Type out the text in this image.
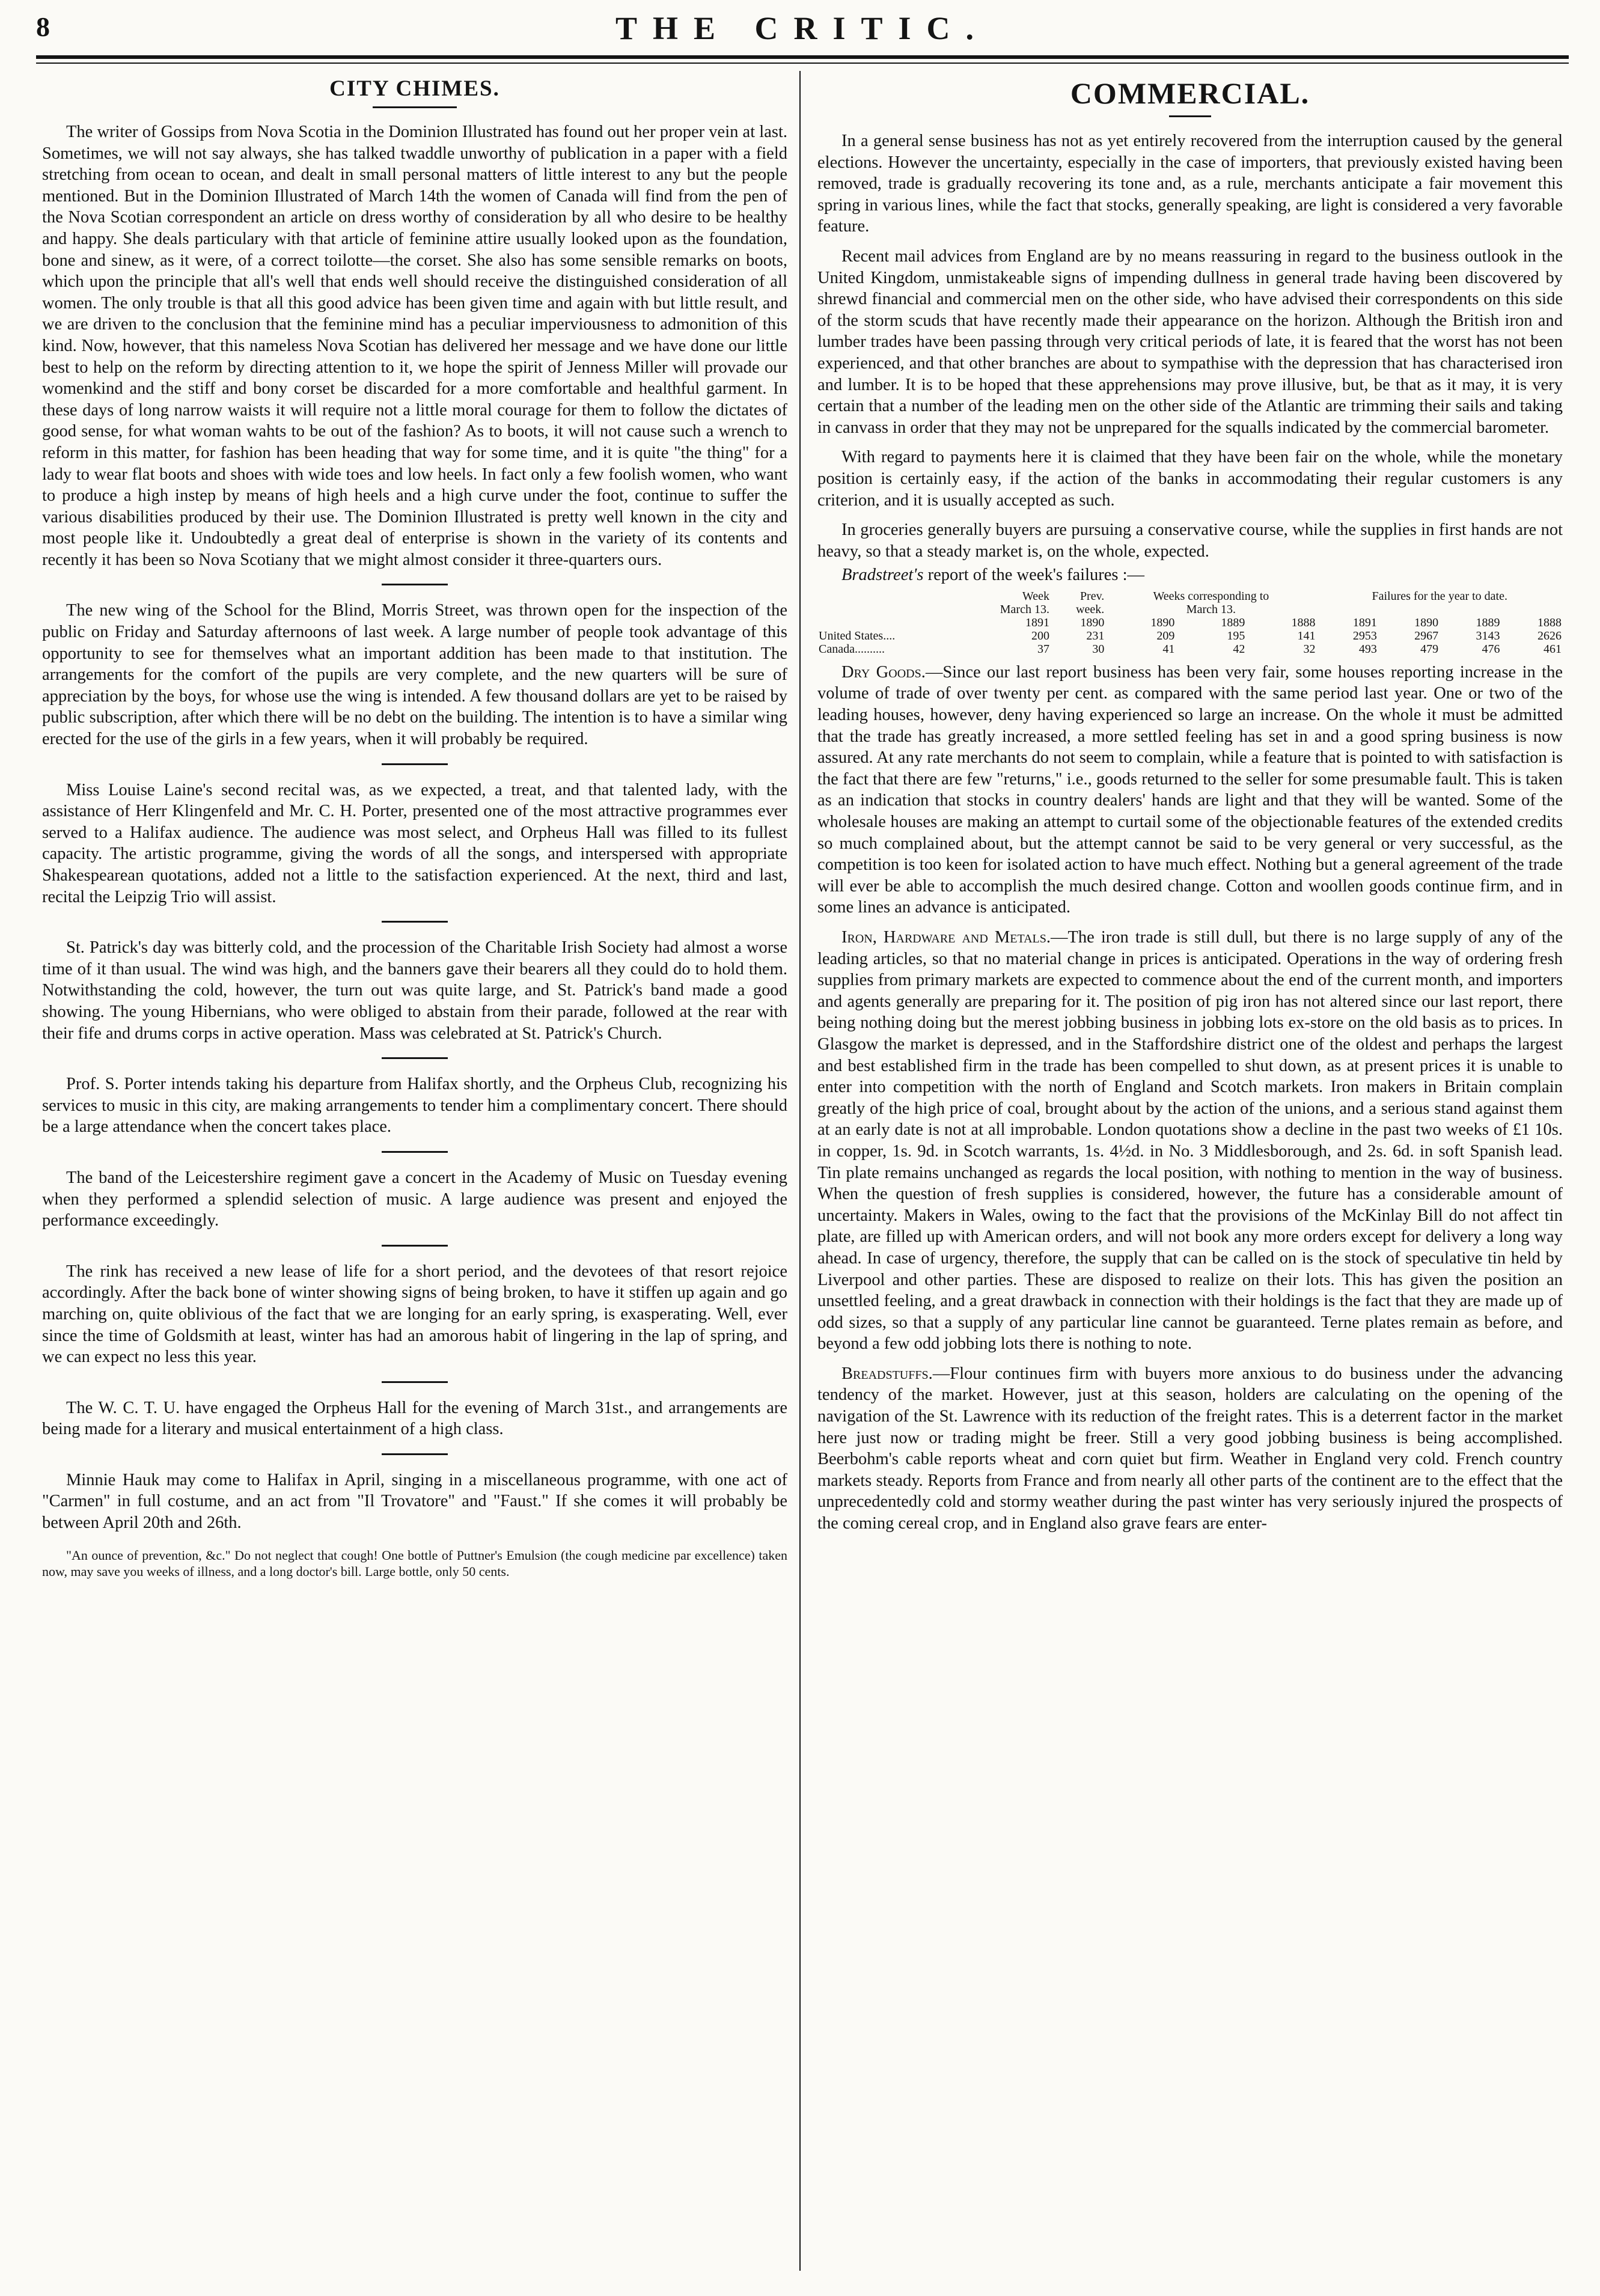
8	THE CRITIC.
CITY CHIMES.

The writer of Gossips from Nova Scotia in the Dominion Illustrated has found out her proper vein at last. Sometimes, we will not say always, she has talked twaddle unworthy of publication in a paper with a field stretching from ocean to ocean, and dealt in small personal matters of little interest to any but the people mentioned. But in the Dominion Illustrated of March 14th the women of Canada will find from the pen of the Nova Scotian correspondent an article on dress worthy of consideration by all who desire to be healthy and happy. She deals particulary with that article of feminine attire usually looked upon as the foundation, bone and sinew, as it were, of a correct toilotte—the corset. She also has some sensible remarks on boots, which upon the principle that all's well that ends well should receive the distinguished consideration of all women. The only trouble is that all this good advice has been given time and again with but little result, and we are driven to the conclusion that the feminine mind has a peculiar imperviousness to admonition of this kind. Now, however, that this nameless Nova Scotian has delivered her message and we have done our little best to help on the reform by directing attention to it, we hope the spirit of Jenness Miller will provade our womenkind and the stiff and bony corset be discarded for a more comfortable and healthful garment. In these days of long narrow waists it will require not a little moral courage for them to follow the dictates of good sense, for what woman wahts to be out of the fashion? As to boots, it will not cause such a wrench to reform in this matter, for fashion has been heading that way for some time, and it is quite "the thing" for a lady to wear flat boots and shoes with wide toes and low heels. In fact only a few foolish women, who want to produce a high instep by means of high heels and a high curve under the foot, continue to suffer the various disabilities produced by their use. The Dominion Illustrated is pretty well known in the city and most people like it. Undoubtedly a great deal of enterprise is shown in the variety of its contents and recently it has been so Nova Scotiany that we might almost consider it three-quarters ours.

The new wing of the School for the Blind, Morris Street, was thrown open for the inspection of the public on Friday and Saturday afternoons of last week. A large number of people took advantage of this opportunity to see for themselves what an important addition has been made to that institution. The arrangements for the comfort of the pupils are very complete, and the new quarters will be sure of appreciation by the boys, for whose use the wing is intended. A few thousand dollars are yet to be raised by public subscription, after which there will be no debt on the building. The intention is to have a similar wing erected for the use of the girls in a few years, when it will probably be required.

Miss Louise Laine's second recital was, as we expected, a treat, and that talented lady, with the assistance of Herr Klingenfeld and Mr. C. H. Porter, presented one of the most attractive programmes ever served to a Halifax audience. The audience was most select, and Orpheus Hall was filled to its fullest capacity. The artistic programme, giving the words of all the songs, and interspersed with appropriate Shakespearean quotations, added not a little to the satisfaction experienced. At the next, third and last, recital the Leipzig Trio will assist.

St. Patrick's day was bitterly cold, and the procession of the Charitable Irish Society had almost a worse time of it than usual. The wind was high, and the banners gave their bearers all they could do to hold them. Notwithstanding the cold, however, the turn out was quite large, and St. Patrick's band made a good showing. The young Hibernians, who were obliged to abstain from their parade, followed at the rear with their fife and drums corps in active operation. Mass was celebrated at St. Patrick's Church.

Prof. S. Porter intends taking his departure from Halifax shortly, and the Orpheus Club, recognizing his services to music in this city, are making arrangements to tender him a complimentary concert. There should be a large attendance when the concert takes place.

The band of the Leicestershire regiment gave a concert in the Academy of Music on Tuesday evening when they performed a splendid selection of music. A large audience was present and enjoyed the performance exceedingly.

The rink has received a new lease of life for a short period, and the devotees of that resort rejoice accordingly. After the back bone of winter showing signs of being broken, to have it stiffen up again and go marching on, quite oblivious of the fact that we are longing for an early spring, is exasperating. Well, ever since the time of Goldsmith at least, winter has had an amorous habit of lingering in the lap of spring, and we can expect no less this year.

The W. C. T. U. have engaged the Orpheus Hall for the evening of March 31st., and arrangements are being made for a literary and musical entertainment of a high class.

Minnie Hauk may come to Halifax in April, singing in a miscellaneous programme, with one act of "Carmen" in full costume, and an act from "Il Trovatore" and "Faust." If she comes it will probably be between April 20th and 26th.

"An ounce of prevention, &c." Do not neglect that cough! One bottle of Puttner's Emulsion (the cough medicine par excellence) taken now, may save you weeks of illness, and a long doctor's bill. Large bottle, only 50 cents.
COMMERCIAL.

In a general sense business has not as yet entirely recovered from the interruption caused by the general elections. However the uncertainty, especially in the case of importers, that previously existed having been removed, trade is gradually recovering its tone and, as a rule, merchants anticipate a fair movement this spring in various lines, while the fact that stocks, generally speaking, are light is considered a very favorable feature.

Recent mail advices from England are by no means reassuring in regard to the business outlook in the United Kingdom, unmistakeable signs of impending dullness in general trade having been discovered by shrewd financial and commercial men on the other side, who have advised their correspondents on this side of the storm scuds that have recently made their appearance on the horizon. Although the British iron and lumber trades have been passing through very critical periods of late, it is feared that the worst has not been experienced, and that other branches are about to sympathise with the depression that has characterised iron and lumber. It is to be hoped that these apprehensions may prove illusive, but, be that as it may, it is very certain that a number of the leading men on the other side of the Atlantic are trimming their sails and taking in canvass in order that they may not be unprepared for the squalls indicated by the commercial barometer.

With regard to payments here it is claimed that they have been fair on the whole, while the monetary position is certainly easy, if the action of the banks in accommodating their regular customers is any criterion, and it is usually accepted as such.

In groceries generally buyers are pursuing a conservative course, while the supplies in first hands are not heavy, so that a steady market is, on the whole, expected.

Bradstreet's report of the week's failures :—
	Week	Prev.	Weeks corresponding to			Failures for the year to date.			
	March 13.	week.	March 13.						
	1891	1890	1890	1889	1888	1891	1890	1889	1888
United States....	200	231	209	195	141	2953	2967	3143	2626
Canada..........	37	30	41	42	32	493	479	476	461

Dry Goods.—Since our last report business has been very fair, some houses reporting increase in the volume of trade of over twenty per cent. as compared with the same period last year. One or two of the leading houses, however, deny having experienced so large an increase. On the whole it must be admitted that the trade has greatly increased, a more settled feeling has set in and a good spring business is now assured. At any rate merchants do not seem to complain, while a feature that is pointed to with satisfaction is the fact that there are few "returns," i.e., goods returned to the seller for some presumable fault. This is taken as an indication that stocks in country dealers' hands are light and that they will be wanted. Some of the wholesale houses are making an attempt to curtail some of the objectionable features of the extended credits so much complained about, but the attempt cannot be said to be very general or very successful, as the competition is too keen for isolated action to have much effect. Nothing but a general agreement of the trade will ever be able to accomplish the much desired change. Cotton and woollen goods continue firm, and in some lines an advance is anticipated.

Iron, Hardware and Metals.—The iron trade is still dull, but there is no large supply of any of the leading articles, so that no material change in prices is anticipated. Operations in the way of ordering fresh supplies from primary markets are expected to commence about the end of the current month, and importers and agents generally are preparing for it. The position of pig iron has not altered since our last report, there being nothing doing but the merest jobbing business in jobbing lots ex-store on the old basis as to prices. In Glasgow the market is depressed, and in the Staffordshire district one of the oldest and perhaps the largest and best established firm in the trade has been compelled to shut down, as at present prices it is unable to enter into competition with the north of England and Scotch markets. Iron makers in Britain complain greatly of the high price of coal, brought about by the action of the unions, and a serious stand against them at an early date is not at all improbable. London quotations show a decline in the past two weeks of £1 10s. in copper, 1s. 9d. in Scotch warrants, 1s. 4½d. in No. 3 Middlesborough, and 2s. 6d. in soft Spanish lead. Tin plate remains unchanged as regards the local position, with nothing to mention in the way of business. When the question of fresh supplies is considered, however, the future has a considerable amount of uncertainty. Makers in Wales, owing to the fact that the provisions of the McKinlay Bill do not affect tin plate, are filled up with American orders, and will not book any more orders except for delivery a long way ahead. In case of urgency, therefore, the supply that can be called on is the stock of speculative tin held by Liverpool and other parties. These are disposed to realize on their lots. This has given the position an unsettled feeling, and a great drawback in connection with their holdings is the fact that they are made up of odd sizes, so that a supply of any particular line cannot be guaranteed. Terne plates remain as before, and beyond a few odd jobbing lots there is nothing to note.

Breadstuffs.—Flour continues firm with buyers more anxious to do business under the advancing tendency of the market. However, just at this season, holders are calculating on the opening of the navigation of the St. Lawrence with its reduction of the freight rates. This is a deterrent factor in the market here just now or trading might be freer. Still a very good jobbing business is being accomplished. Beerbohm's cable reports wheat and corn quiet but firm. Weather in England very cold. French country markets steady. Reports from France and from nearly all other parts of the continent are to the effect that the unprecedentedly cold and stormy weather during the past winter has very seriously injured the prospects of the coming cereal crop, and in England also grave fears are enter-
